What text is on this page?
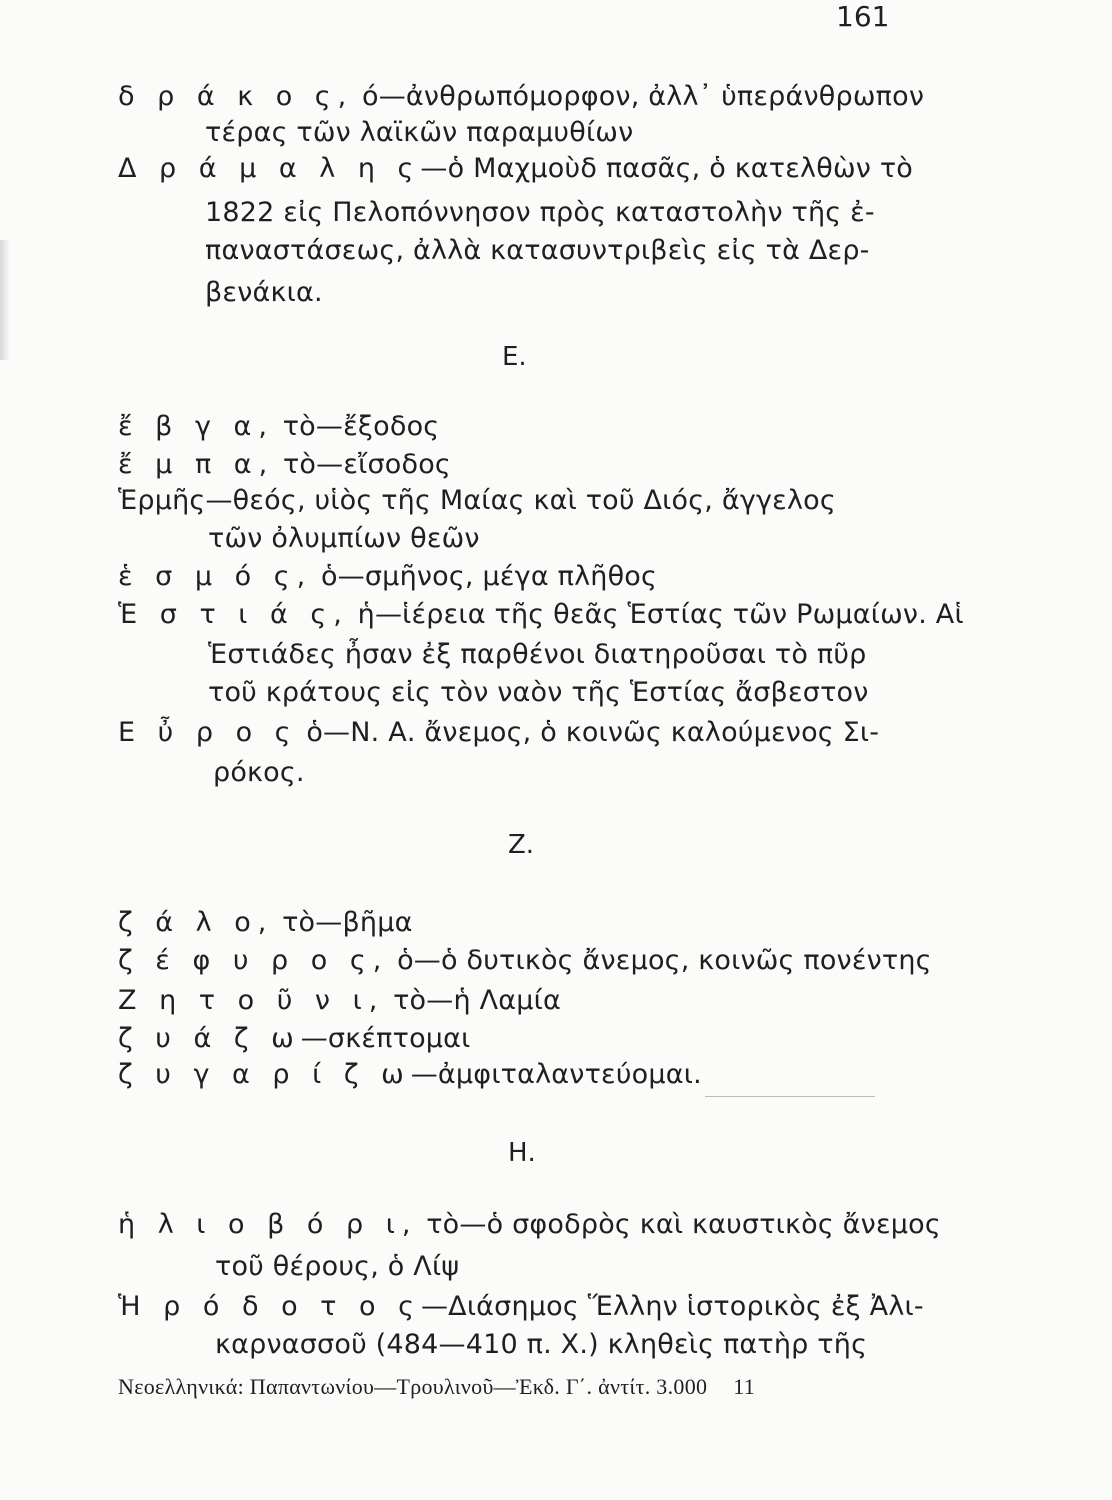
161
δ ρ ά κ ο ς, ό—ἀνθρωπόμορφον, ἀλλ᾽ ὑπεράνθρωπον
τέρας τῶν λαϊκῶν παραμυθίων
Δ ρ ά μ α λ η ς—ὁ Μαχμοὺδ πασᾶς, ὁ κατελθὼν τὸ
1822 εἰς Πελοπόννησον πρὸς καταστολὴν τῆς ἐ-
παναστάσεως, ἀλλὰ κατασυντριβεὶς εἰς τὰ Δερ-
βενάκια.
Ε.
ἔ β γ α, τὸ—ἔξοδος
ἔ μ π α, τὸ—εἴσοδος
Ἑρμῆς—θεός, υἱὸς τῆς Μαίας καὶ τοῦ Διός, ἄγγελος
τῶν ὀλυμπίων θεῶν
ἑ σ μ ό ς, ὁ—σμῆνος, μέγα πλῆθος
Ἑ σ τ ι ά ς, ἡ—ἱέρεια τῆς θεᾶς Ἑστίας τῶν Ρωμαίων. Αἱ
Ἑστιάδες ἦσαν ἐξ παρθένοι διατηροῦσαι τὸ πῦρ
τοῦ κράτους εἰς τὸν ναὸν τῆς Ἑστίας ἄσβεστον
Ε ὖ ρ ο ς ὁ—Ν. Α. ἄνεμος, ὁ κοινῶς καλούμενος Σι-
ρόκος.
Ζ.
ζ ά λ ο, τὸ—βῆμα
ζ έ φ υ ρ ο ς, ὁ—ὁ δυτικὸς ἄνεμος, κοινῶς πονέντης
Ζ η τ ο ῦ ν ι, τὸ—ἡ Λαμία
ζ υ ά ζ ω—σκέπτομαι
ζ υ γ α ρ ί ζ ω—ἀμφιταλαντεύομαι.
Η.
ἡ λ ι ο β ό ρ ι, τὸ—ὁ σφοδρὸς καὶ καυστικὸς ἄνεμος
τοῦ θέρους, ὁ Λίψ
Ἡ ρ ό δ ο τ ο ς—Διάσημος Ἕλλην ἱστορικὸς ἐξ Ἀλι-
καρνασσοῦ (484—410 π. Χ.) κληθεὶς πατὴρ τῆς
Νεοελληνικά: Παπαντωνίου—Τρουλινοῦ—Ἐκδ. Γ΄. ἀντίτ. 3.000 11
